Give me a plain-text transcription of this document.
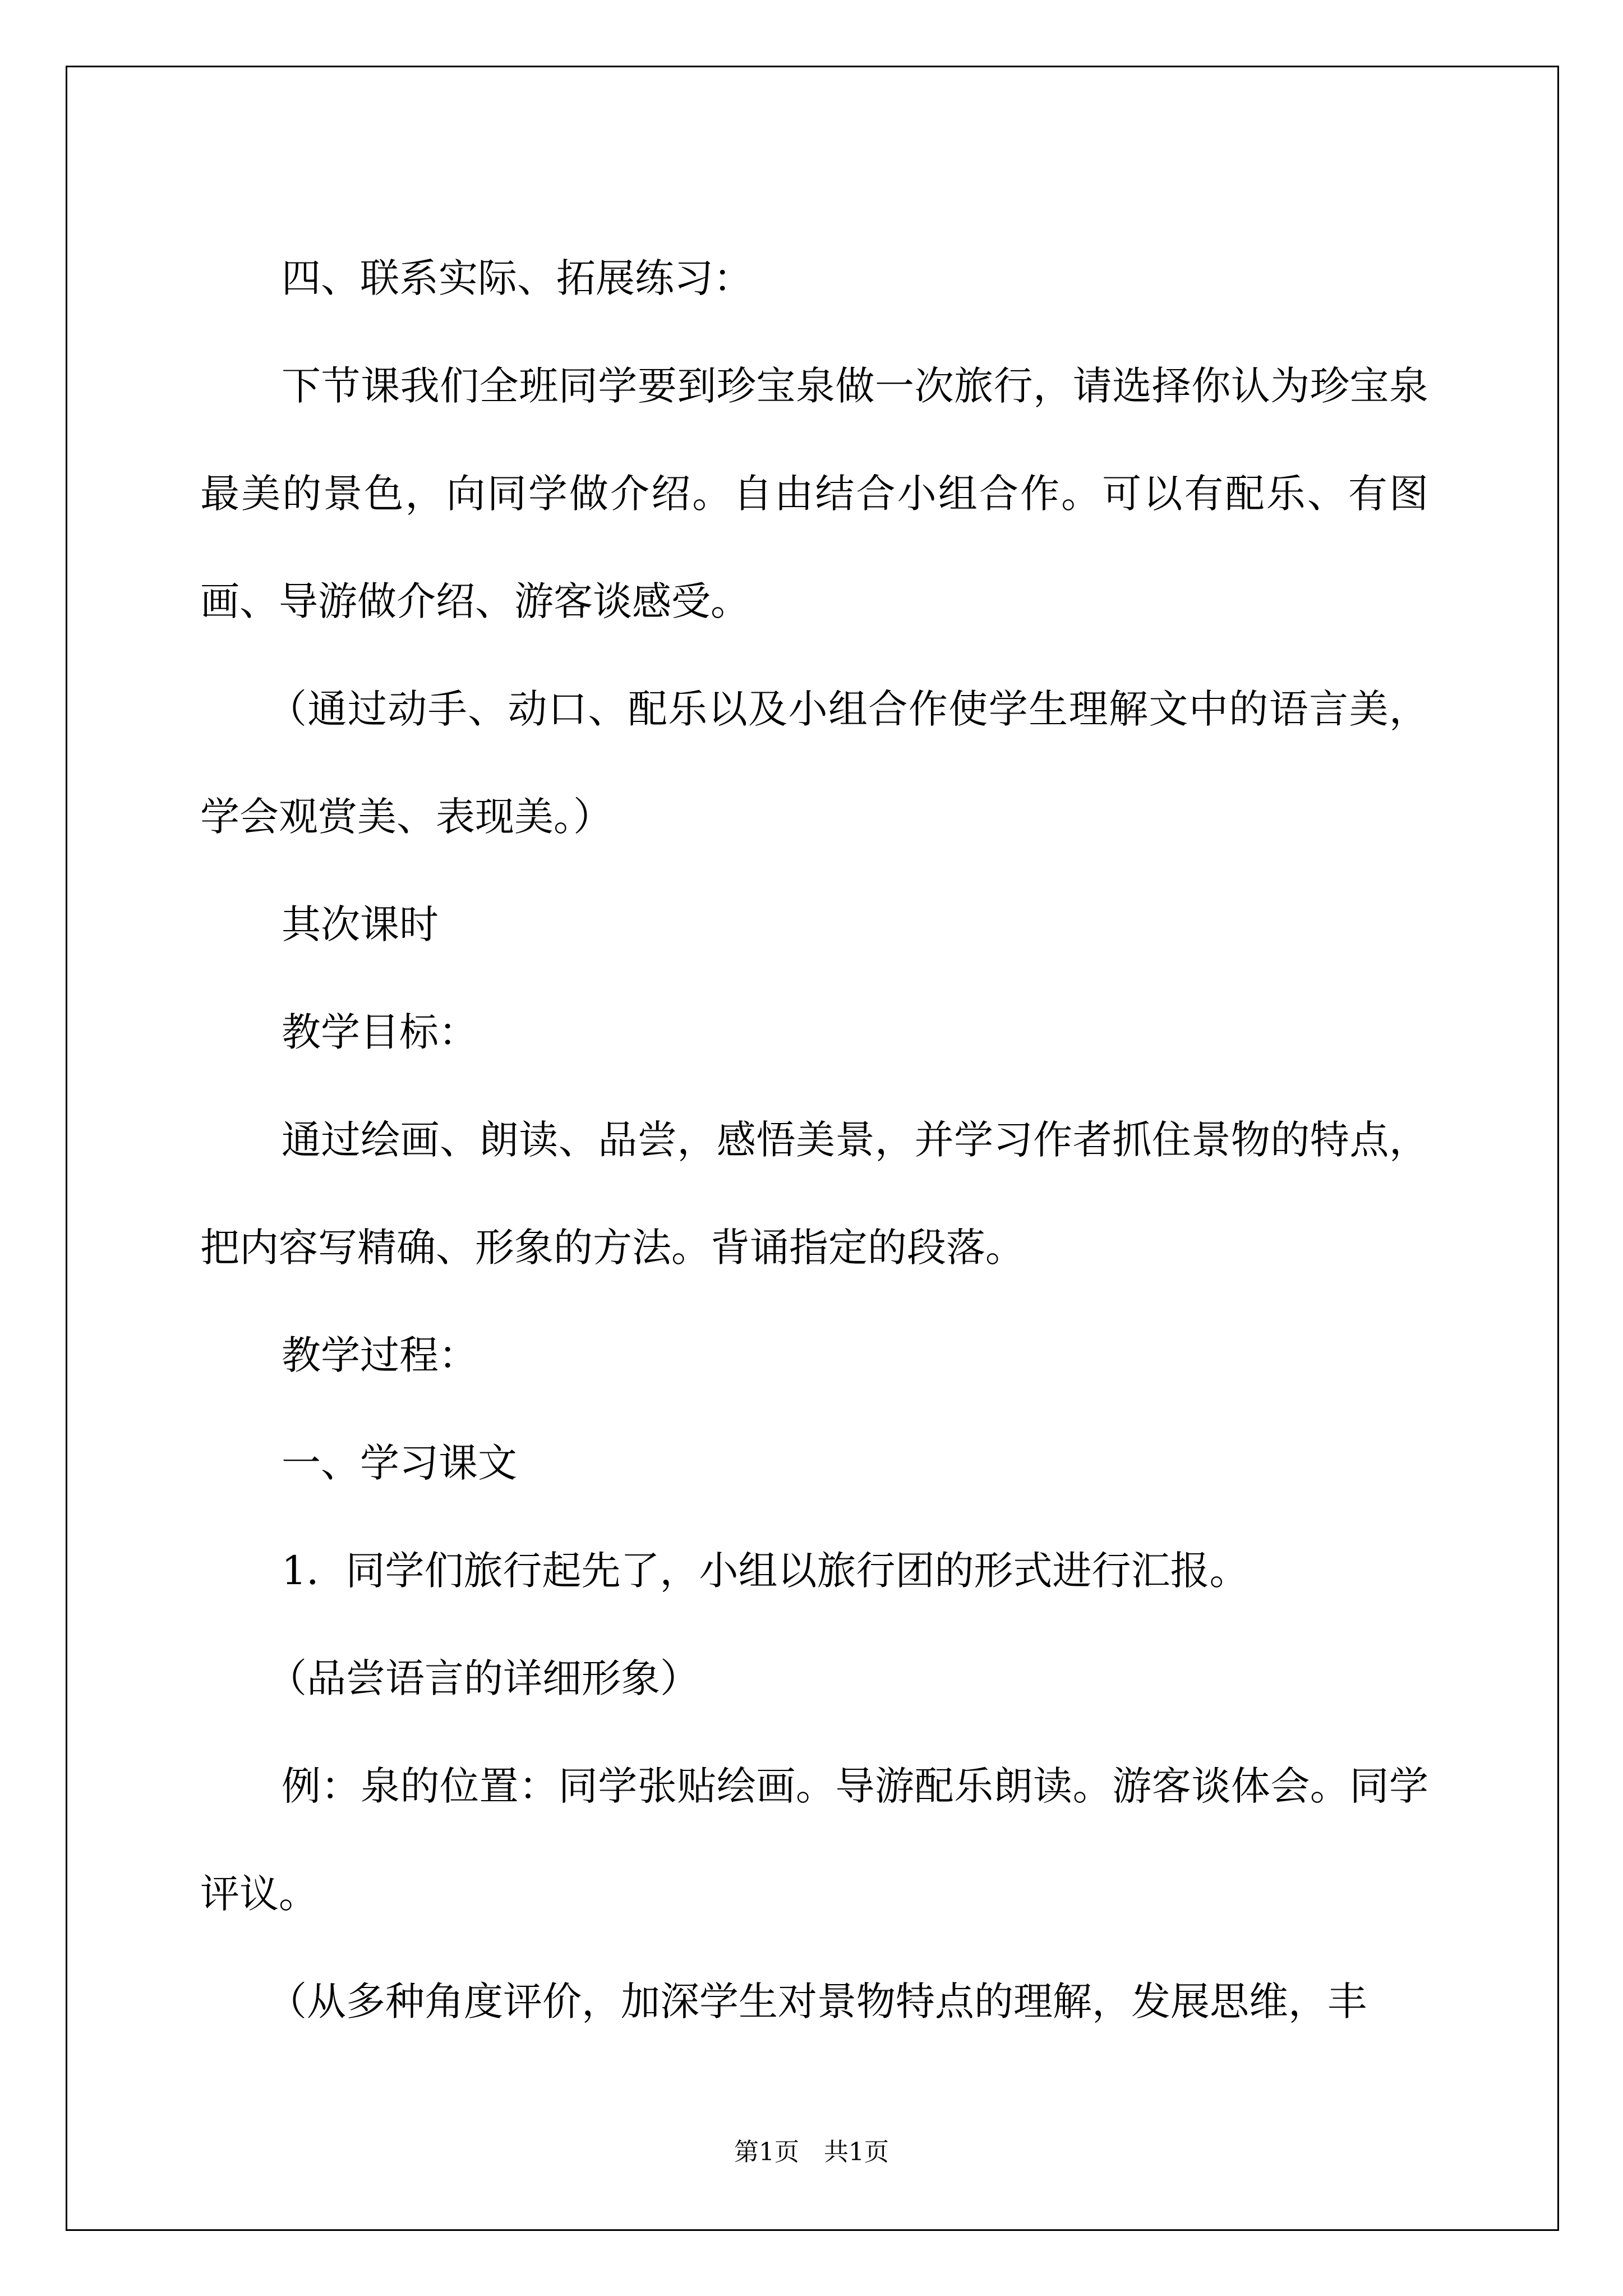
四、联系实际、拓展练习：

下节课我们全班同学要到珍宝泉做一次旅行，请选择你认为珍宝泉最美的景色，向同学做介绍。自由结合小组合作。可以有配乐、有图画、导游做介绍、游客谈感受。

（通过动手、动口、配乐以及小组合作使学生理解文中的语言美，学会观赏美、表现美。）

其次课时

教学目标：

通过绘画、朗读、品尝，感悟美景，并学习作者抓住景物的特点，把内容写精确、形象的方法。背诵指定的段落。

教学过程：

一、学习课文

1．同学们旅行起先了，小组以旅行团的形式进行汇报。

（品尝语言的详细形象）

例：泉的位置：同学张贴绘画。导游配乐朗读。游客谈体会。同学评议。

（从多种角度评价，加深学生对景物特点的理解，发展思维，丰

第1页　共1页
